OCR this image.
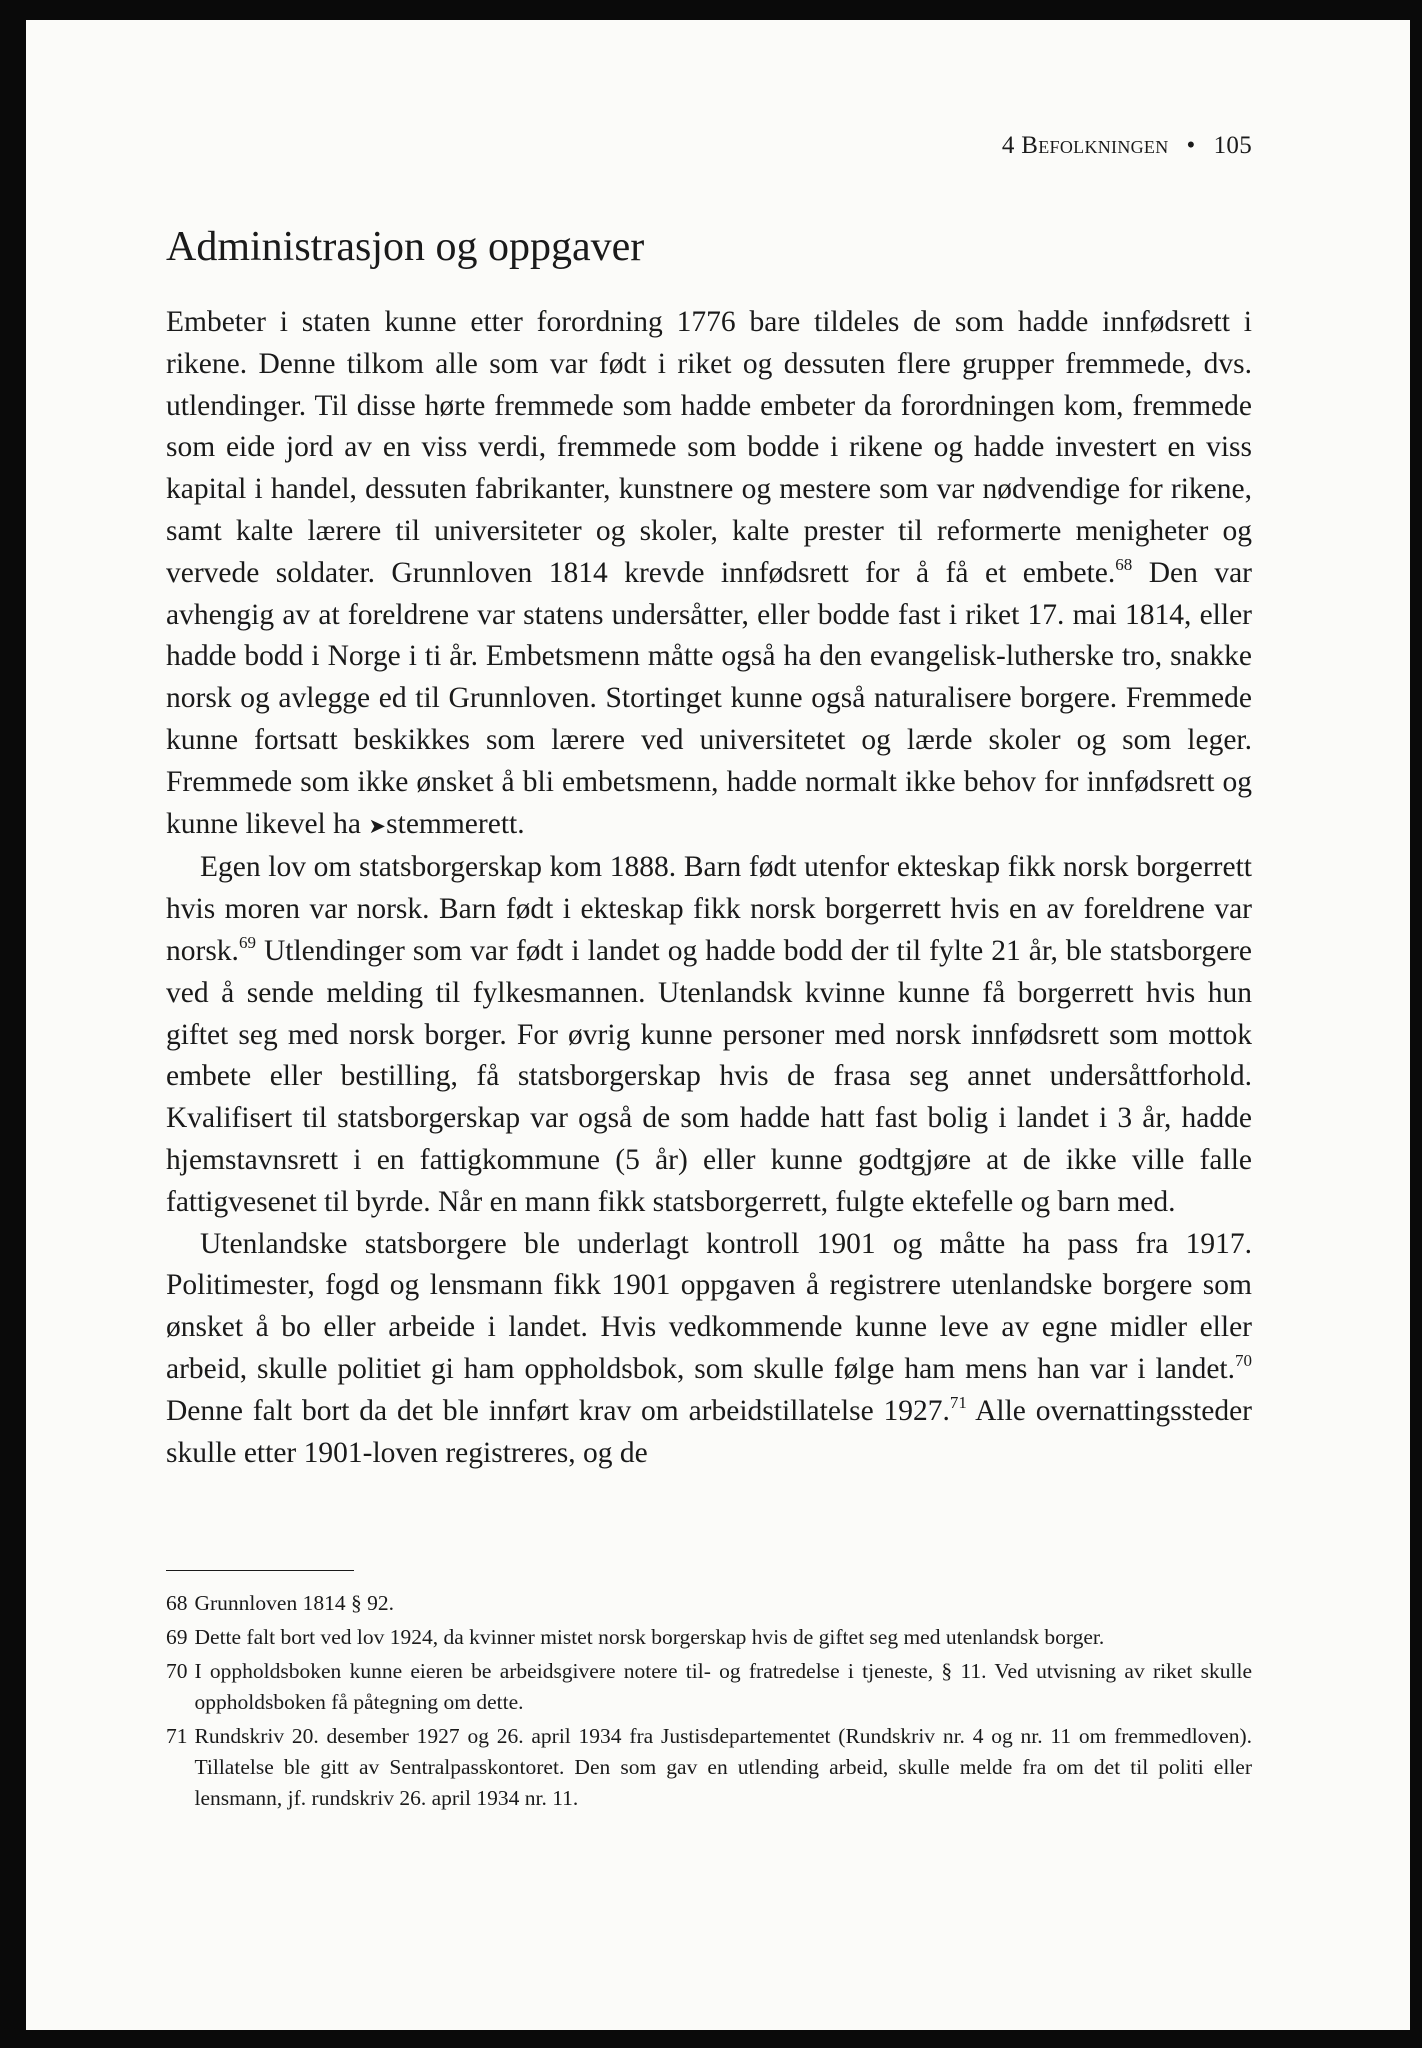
4 Befolkningen • 105
Administrasjon og oppgaver

Embeter i staten kunne etter forordning 1776 bare tildeles de som hadde innfødsrett i rikene. Denne tilkom alle som var født i riket og dessuten flere grupper fremmede, dvs. utlendinger. Til disse hørte fremmede som hadde embeter da forordningen kom, fremmede som eide jord av en viss verdi, fremmede som bodde i rikene og hadde investert en viss kapital i handel, dessuten fabrikanter, kunstnere og mestere som var nødvendige for rikene, samt kalte lærere til universiteter og skoler, kalte prester til reformerte menigheter og vervede soldater. Grunnloven 1814 krevde innfødsrett for å få et embete.$^{68}$ Den var avhengig av at foreldrene var statens undersåtter, eller bodde fast i riket 17. mai 1814, eller hadde bodd i Norge i ti år. Embetsmenn måtte også ha den evangelisk-lutherske tro, snakke norsk og avlegge ed til Grunnloven. Stortinget kunne også naturalisere borgere. Fremmede kunne fortsatt beskikkes som lærere ved universitetet og lærde skoler og som leger. Fremmede som ikke ønsket å bli embetsmenn, hadde normalt ikke behov for innfødsrett og kunne likevel ha ➤stemmerett.

Egen lov om statsborgerskap kom 1888. Barn født utenfor ekteskap fikk norsk borgerrett hvis moren var norsk. Barn født i ekteskap fikk norsk borgerrett hvis en av foreldrene var norsk.$^{69}$ Utlendinger som var født i landet og hadde bodd der til fylte 21 år, ble statsborgere ved å sende melding til fylkesmannen. Utenlandsk kvinne kunne få borgerrett hvis hun giftet seg med norsk borger. For øvrig kunne personer med norsk innfødsrett som mottok embete eller bestilling, få statsborgerskap hvis de frasa seg annet undersåttforhold. Kvalifisert til statsborgerskap var også de som hadde hatt fast bolig i landet i 3 år, hadde hjemstavnsrett i en fattigkommune (5 år) eller kunne godtgjøre at de ikke ville falle fattigvesenet til byrde. Når en mann fikk statsborgerrett, fulgte ektefelle og barn med.

Utenlandske statsborgere ble underlagt kontroll 1901 og måtte ha pass fra 1917. Politimester, fogd og lensmann fikk 1901 oppgaven å registrere utenlandske borgere som ønsket å bo eller arbeide i landet. Hvis vedkommende kunne leve av egne midler eller arbeid, skulle politiet gi ham oppholdsbok, som skulle følge ham mens han var i landet.$^{70}$ Denne falt bort da det ble innført krav om arbeidstillatelse 1927.71 Alle overnattingssteder skulle etter 1901-loven registreres, og de

68 Grunnloven 1814 § 92.
69 Dette falt bort ved lov 1924, da kvinner mistet norsk borgerskap hvis de giftet seg med utenlandsk borger.
70 I oppholdsboken kunne eieren be arbeidsgivere notere til- og fratredelse i tjeneste, § 11. Ved utvisning av riket skulle oppholdsboken få påtegning om dette.
71 Rundskriv 20. desember 1927 og 26. april 1934 fra Justisdepartementet (Rundskriv nr. 4 og nr. 11 om fremmedloven). Tillatelse ble gitt av Sentralpasskontoret. Den som gav en utlending arbeid, skulle melde fra om det til politi eller lensmann, jf. rundskriv 26. april 1934 nr. 11.
